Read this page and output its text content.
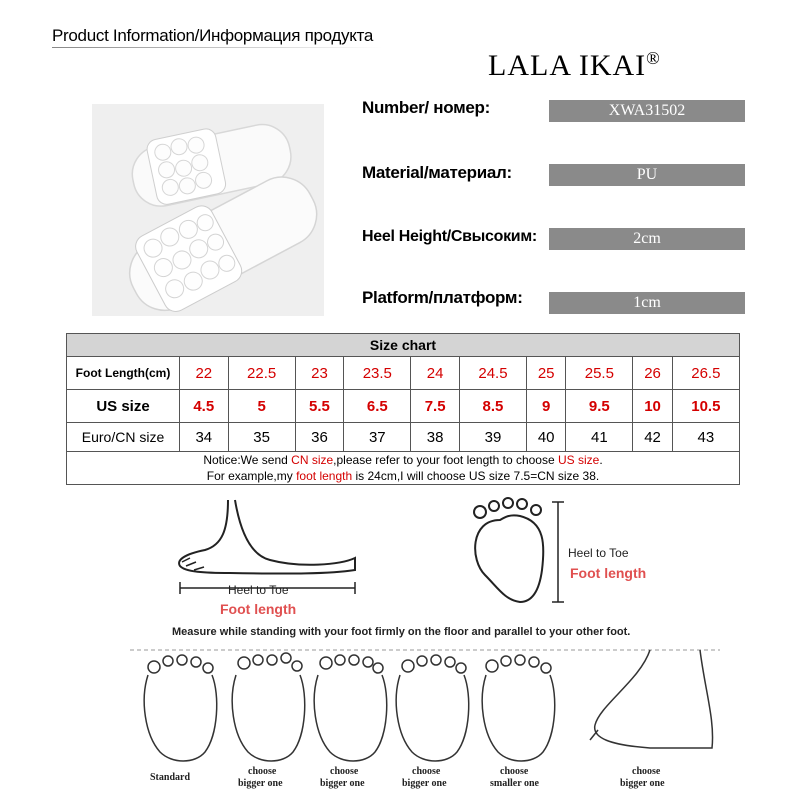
Product Information/Информация продукта
LALA IKAI®
Number/ номер:	XWA31502
Material/материал:	PU
Heel Height/Свысоким:	2cm
Platform/платформ:	1cm
Size chart										
Foot Length(cm)	22	22.5	23	23.5	24	24.5	25	25.5	26	26.5
US size	4.5	5	5.5	6.5	7.5	8.5	9	9.5	10	10.5
Euro/CN size	34	35	36	37	38	39	40	41	42	43

Notice:We send CN size,please refer to your foot length to choose US size.
For example,my foot length is 24cm,I will choose US size 7.5=CN size 38.										
Heel to Toe
Foot length
Heel to Toe
Foot length
Measure while standing with your foot firmly on the floor and parallel to your other foot.
Standard
choose
bigger one
choose
bigger one
choose
bigger one
choose
smaller one
choose
bigger one
